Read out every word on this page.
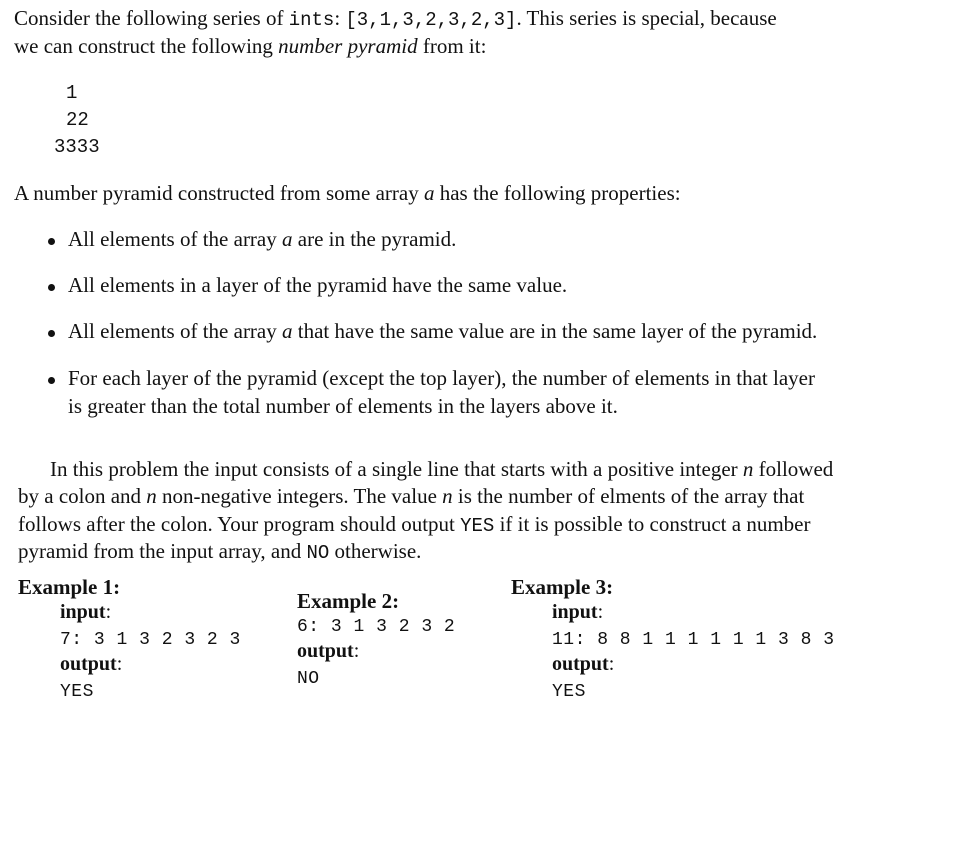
Consider the following series of ints: [3,1,3,2,3,2,3]. This series is special, because
we can construct the following number pyramid from it:
1
22
3333
A number pyramid constructed from some array a has the following properties:
All elements of the array a are in the pyramid.
All elements in a layer of the pyramid have the same value.
All elements of the array a that have the same value are in the same layer of the pyramid.
For each layer of the pyramid (except the top layer), the number of elements in that layer
is greater than the total number of elements in the layers above it.
In this problem the input consists of a single line that starts with a positive integer n followed
by a colon and n non-negative integers. The value n is the number of elments of the array that
follows after the colon. Your program should output YES if it is possible to construct a number
pyramid from the input array, and NO otherwise.
Example 1:
input:
7: 3 1 3 2 3 2 3
output:
YES
Example 2:
6: 3 1 3 2 3 2
output:
NO
Example 3:
input:
11: 8 8 1 1 1 1 1 1 3 8 3
output:
YES
